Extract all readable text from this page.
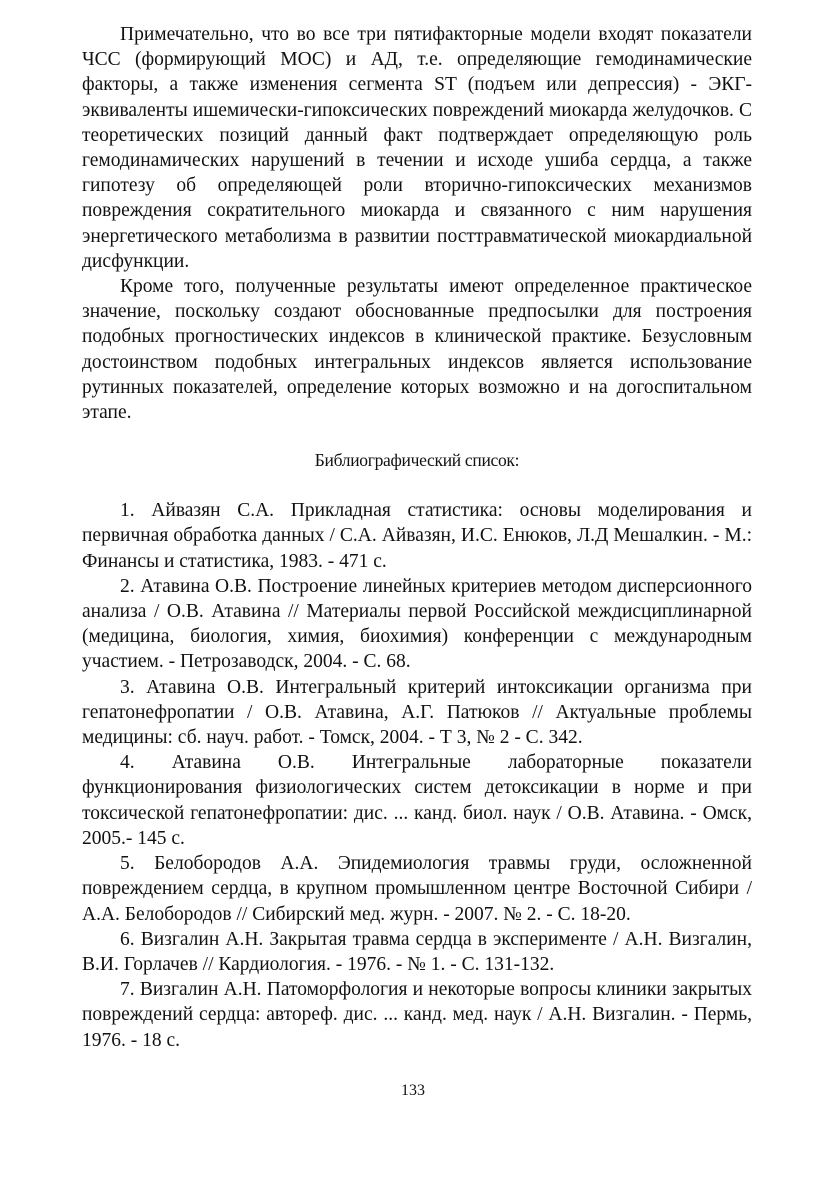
Примечательно, что во все три пятифакторные модели входят показатели ЧСС (формирующий МОС) и АД, т.е. определяющие гемодинамические факторы, а также изменения сегмента ST (подъем или депрессия) - ЭКГ-эквиваленты ишемически-гипоксических повреждений миокарда желудочков. С теоретических позиций данный факт подтверждает определяющую роль гемодинамических нарушений в течении и исходе ушиба сердца, а также гипотезу об определяющей роли вторично-гипоксических механизмов повреждения сократительного миокарда и связанного с ним нарушения энергетического метаболизма в развитии посттравматической миокардиальной дисфункции.

Кроме того, полученные результаты имеют определенное практическое значение, поскольку создают обоснованные предпосылки для построения подобных прогностических индексов в клинической практике. Безусловным достоинством подобных интегральных индексов является использование рутинных показателей, определение которых возможно и на догоспитальном этапе.

Библиографический список:
1. Айвазян С.А. Прикладная статистика: основы моделирования и первичная обработка данных / С.А. Айвазян, И.С. Енюков, Л.Д Мешалкин. - М.: Финансы и статистика, 1983. - 471 с.
2. Атавина О.В. Построение линейных критериев методом дисперсионного анализа / О.В. Атавина // Материалы первой Российской междисциплинарной (медицина, биология, химия, биохимия) конференции с международным участием. - Петрозаводск, 2004. - С. 68.
3. Атавина О.В. Интегральный критерий интоксикации организма при гепатонефропатии / О.В. Атавина, А.Г. Патюков // Актуальные проблемы медицины: сб. науч. работ. - Томск, 2004. - Т 3, № 2 - С. 342.
4. Атавина О.В. Интегральные лабораторные показатели функционирования физиологических систем детоксикации в норме и при токсической гепатонефропатии: дис. ... канд. биол. наук / О.В. Атавина. - Омск, 2005.- 145 с.
5. Белобородов А.А. Эпидемиология травмы груди, осложненной повреждением сердца, в крупном промышленном центре Восточной Сибири / А.А. Белобородов // Сибирский мед. журн. - 2007. № 2. - С. 18-20.
6. Визгалин А.Н. Закрытая травма сердца в эксперименте / А.Н. Визгалин, В.И. Горлачев // Кардиология. - 1976. - № 1. - С. 131-132.
7. Визгалин А.Н. Патоморфология и некоторые вопросы клиники закрытых повреждений сердца: автореф. дис. ... канд. мед. наук / А.Н. Визгалин. - Пермь, 1976. - 18 с.
133
